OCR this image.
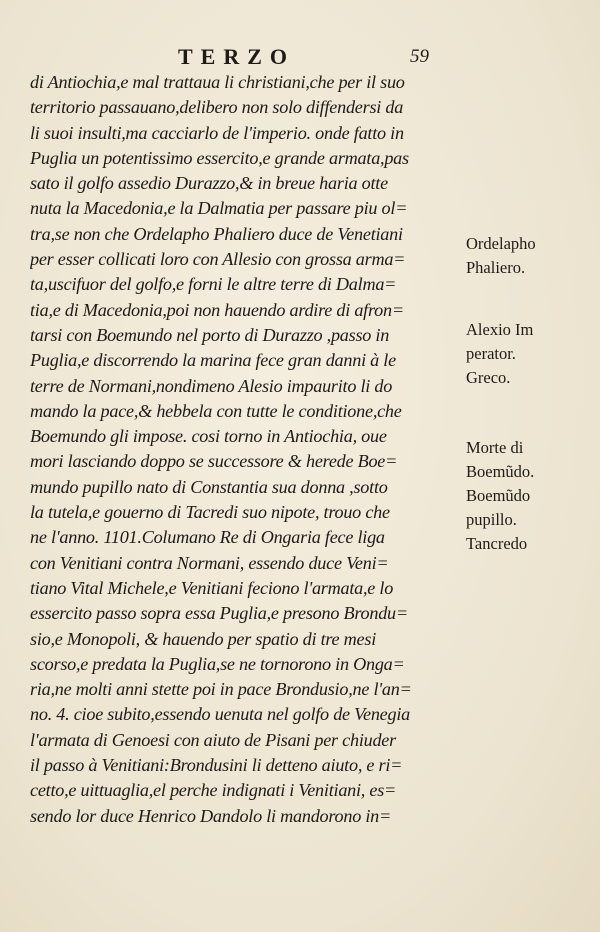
TERZO	59
di Antiochia,e mal trattaua li christiani,che per il suo
territorio passauano,delibero non solo diffendersi da
li suoi insulti,ma cacciarlo de l'imperio. onde fatto in
Puglia un potentissimo essercito,e grande armata,pas
sato il golfo assedio Durazzo,& in breue haria otte
nuta la Macedonia,e la Dalmatia per passare piu ol=
tra,se non che Ordelapho Phaliero duce de Venetiani
per esser collicati loro con Allesio con grossa arma=
ta,uscifuor del golfo,e forni le altre terre di Dalma=
tia,e di Macedonia,poi non hauendo ardire di afron=
tarsi con Boemundo nel porto di Durazzo ,passo in
Puglia,e discorrendo la marina fece gran danni à le
terre de Normani,nondimeno Alesio impaurito li do
mando la pace,& hebbela con tutte le conditione,che
Boemundo gli impose. cosi torno in Antiochia, oue
mori lasciando doppo se successore & herede Boe=
mundo pupillo nato di Constantia sua donna ,sotto
la tutela,e gouerno di Tacredi suo nipote, trouo che
ne l'anno. 1101.Columano Re di Ongaria fece liga
con Venitiani contra Normani, essendo duce Veni=
tiano Vital Michele,e Venitiani fecionο l'armata,e lo
essercito passo sopra essa Puglia,e presono Brondu=
sio,e Monopoli, & hauendo per spatio di tre mesi
scorso,e predata la Puglia,se ne tornorono in Onga=
ria,ne molti anni stette poi in pace Brondusio,ne l'an=
no. 4. cioe subito,essendo uenuta nel golfo de Venegia
l'armata di Genoesi con aiuto de Pisani per chiuder
il passo à Venitiani:Brondusini li detteno aiuto, e ri=
cetto,e uittuaglia,el perche indignati i Venitiani, es=
sendo lor duce Henrico Dandolo li mandorono in=
Ordelapho
Phaliero.
Alexio Im
perator.
Greco.
Morte di
Boemũdo.
Boemũdo
pupillo.
Tancredo
